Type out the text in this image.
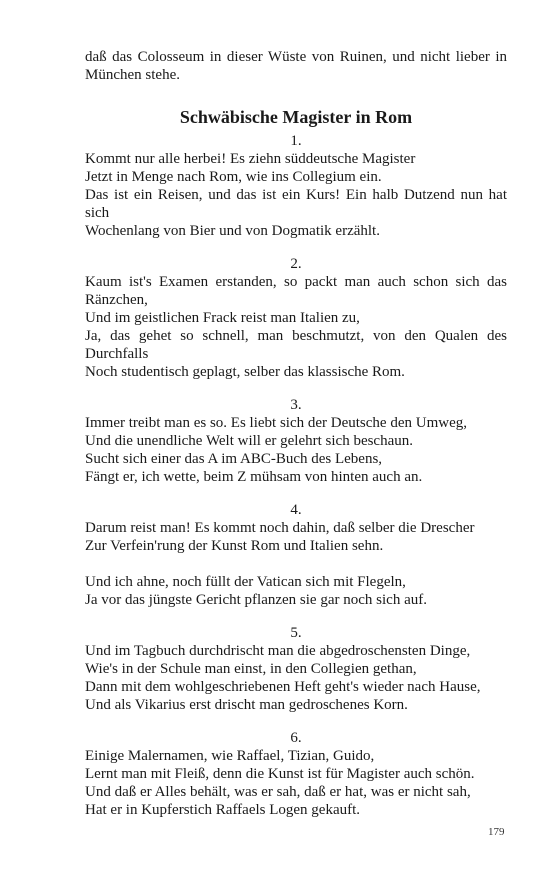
daß das Colosseum in dieser Wüste von Ruinen, und nicht lieber in München stehe.

Schwäbische Magister in Rom
1.
Kommt nur alle herbei! Es ziehn süddeutsche Magister
Jetzt in Menge nach Rom, wie ins Collegium ein.
Das ist ein Reisen, und das ist ein Kurs! Ein halb Dutzend nun hat sich
Wochenlang von Bier und von Dogmatik erzählt.
2.
Kaum ist's Examen erstanden, so packt man auch schon sich das Ränzchen,
Und im geistlichen Frack reist man Italien zu,
Ja, das gehet so schnell, man beschmutzt, von den Qualen des Durchfalls
Noch studentisch geplagt, selber das klassische Rom.
3.
Immer treibt man es so. Es liebt sich der Deutsche den Umweg,
Und die unendliche Welt will er gelehrt sich beschaun.
Sucht sich einer das A im ABC-Buch des Lebens,
Fängt er, ich wette, beim Z mühsam von hinten auch an.
4.
Darum reist man! Es kommt noch dahin, daß selber die Drescher
Zur Verfein'rung der Kunst Rom und Italien sehn.
Und ich ahne, noch füllt der Vatican sich mit Flegeln,
Ja vor das jüngste Gericht pflanzen sie gar noch sich auf.
5.
Und im Tagbuch durchdrischt man die abgedroschensten Dinge,
Wie's in der Schule man einst, in den Collegien gethan,
Dann mit dem wohlgeschriebenen Heft geht's wieder nach Hause,
Und als Vikarius erst drischt man gedroschenes Korn.
6.
Einige Malernamen, wie Raffael, Tizian, Guido,
Lernt man mit Fleiß, denn die Kunst ist für Magister auch schön.
Und daß er Alles behält, was er sah, daß er hat, was er nicht sah,
Hat er in Kupferstich Raffaels Logen gekauft.
179
